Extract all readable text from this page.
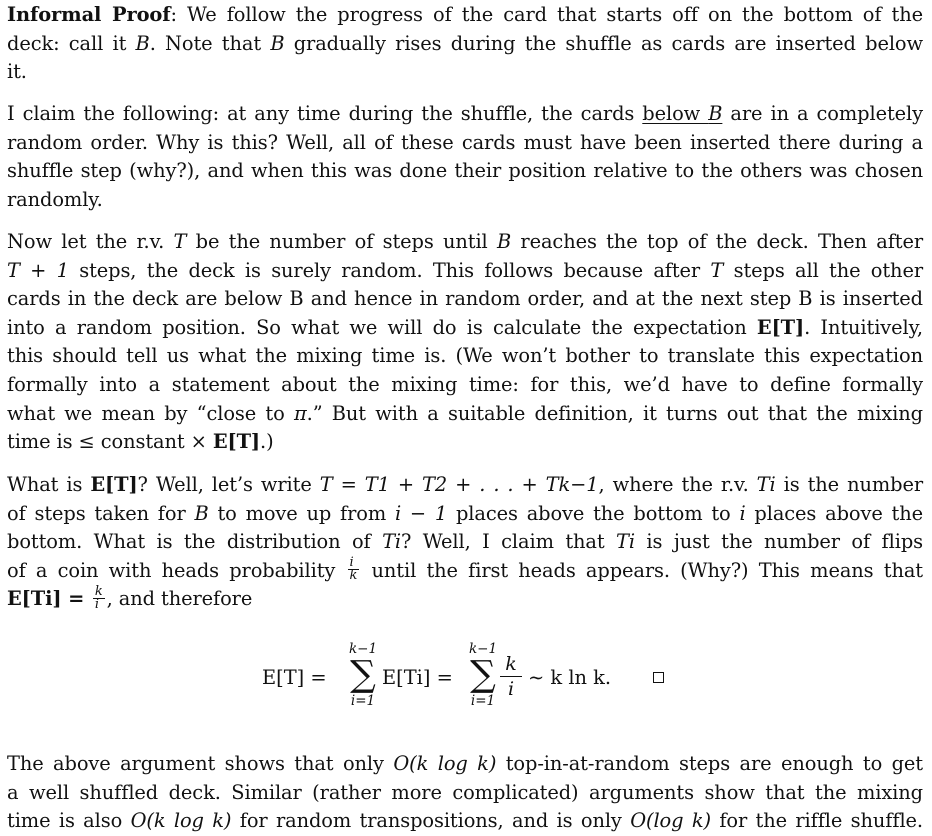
Informal Proof: We follow the progress of the card that starts off on the bottom of the
deck: call it B. Note that B gradually rises during the shuffle as cards are inserted below
it.
I claim the following: at any time during the shuffle, the cards below B are in a completely
random order. Why is this? Well, all of these cards must have been inserted there during a
shuffle step (why?), and when this was done their position relative to the others was chosen
randomly.
Now let the r.v. T be the number of steps until B reaches the top of the deck. Then after
T + 1 steps, the deck is surely random. This follows because after T steps all the other
cards in the deck are below B and hence in random order, and at the next step B is inserted
into a random position. So what we will do is calculate the expectation E[T]. Intuitively,
this should tell us what the mixing time is. (We won’t bother to translate this expectation
formally into a statement about the mixing time: for this, we’d have to define formally
what we mean by “close to π.” But with a suitable definition, it turns out that the mixing
time is ≤ constant × E[T].)
What is E[T]? Well, let’s write T = T1 + T2 + . . . + Tk−1, where the r.v. Ti is the number
of steps taken for B to move up from i − 1 places above the bottom to i places above the
bottom. What is the distribution of Ti? Well, I claim that Ti is just the number of flips
of a coin with heads probability $\frac{i}{k}$ until the first heads appears. (Why?) This means that
$E[Ti] = \frac{k}{i}$ , and therefore
E[T] =
k−1
∑
i=1
E[Ti] =
k−1
∑
$i=1 \frac{k}{i}$ ∼ k ln k.
The above argument shows that only O(k log k) top-in-at-random steps are enough to get
a well shuffled deck. Similar (rather more complicated) arguments show that the mixing
time is also O(k log k) for random transpositions, and is only O(log k) for the riffle shuffle.
